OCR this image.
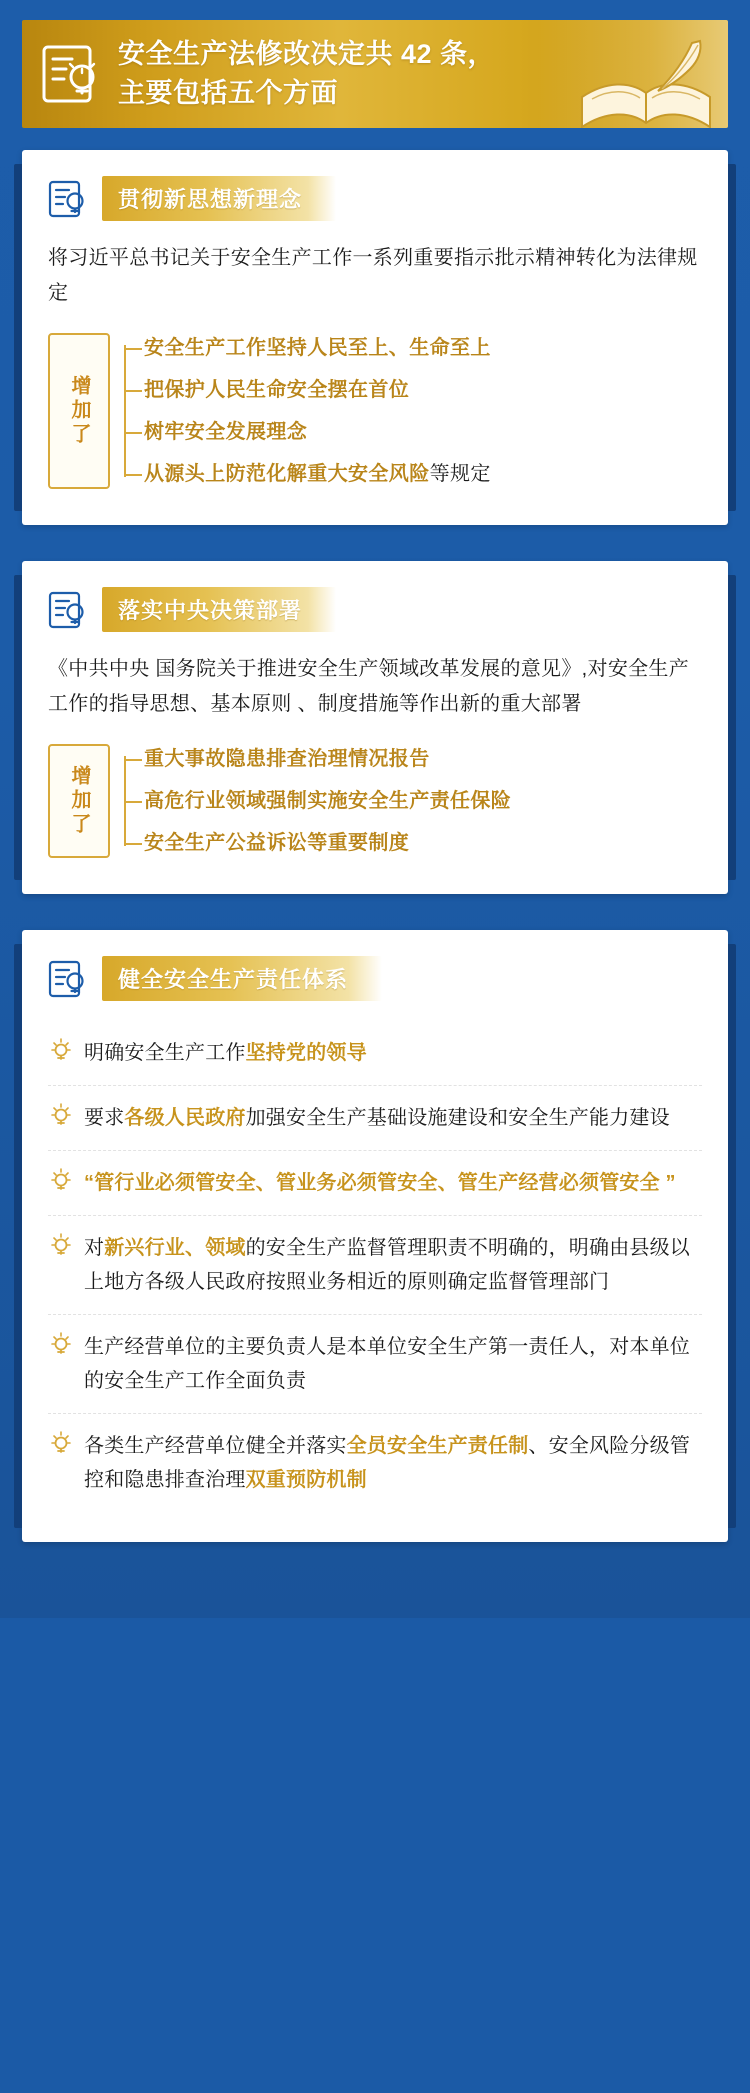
安全生产法修改决定共 42 条，
主要包括五个方面
贯彻新思想新理念
将习近平总书记关于安全生产工作一系列重要指示批示精神转化为法律规定
增加了
安全生产工作坚持人民至上、生命至上
把保护人民生命安全摆在首位
树牢安全发展理念
从源头上防范化解重大安全风险等规定
落实中央决策部署
《中共中央 国务院关于推进安全生产领域改革发展的意见》,对安全生产工作的指导思想、基本原则 、制度措施等作出新的重大部署
增加了
重大事故隐患排查治理情况报告
高危行业领域强制实施安全生产责任保险
安全生产公益诉讼等重要制度
健全安全生产责任体系
明确安全生产工作坚持党的领导
要求各级人民政府加强安全生产基础设施建设和安全生产能力建设
“管行业必须管安全、管业务必须管安全、管生产经营必须管安全 ”
对新兴行业、领域的安全生产监督管理职责不明确的，明确由县级以上地方各级人民政府按照业务相近的原则确定监督管理部门
生产经营单位的主要负责人是本单位安全生产第一责任人，对本单位的安全生产工作全面负责
各类生产经营单位健全并落实全员安全生产责任制、安全风险分级管控和隐患排查治理双重预防机制
